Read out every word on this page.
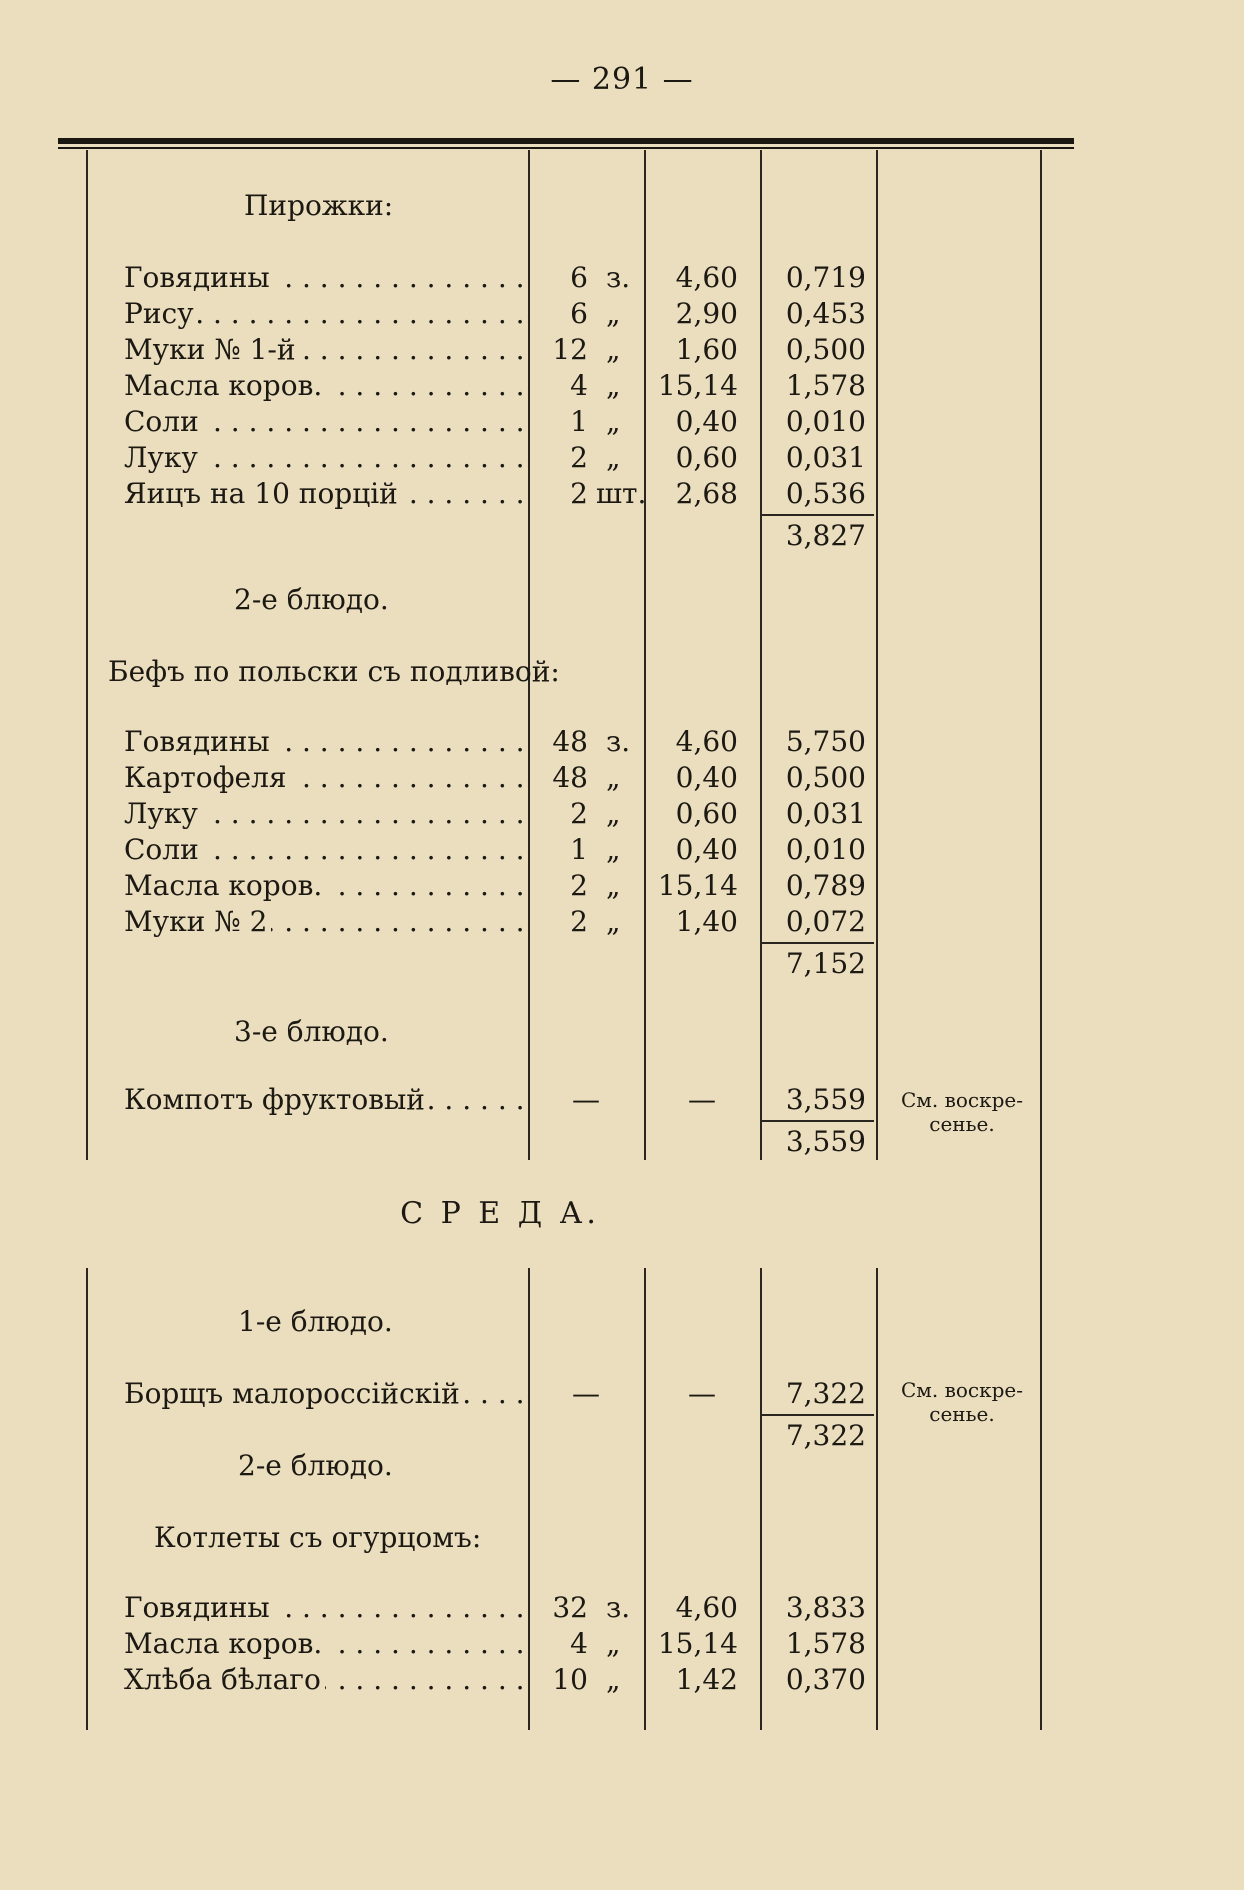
— 291 —
Пирожки:
Говядины . . .	6 з.	4,60	0,719
Рису . . .	6 „	2,90	0,453
Муки № 1-й . . .	12 „	1,60	0,500
Масла коров. . . .	4 „	15,14	1,578
Соли . . .	1 „	0,40	0,010
Луку . . .	2 „	0,60	0,031
Яицъ на 10 порцій . . .	2 шт.	2,68	0,536
3,827
2-е блюдо.
Бефъ по польски съ подливой:
Говядины . . .	48 з.	4,60	5,750
Картофеля . . .	48 „	0,40	0,500
Луку . . .	2 „	0,60	0,031
Соли . . .	1 „	0,40	0,010
Масла коров. . . .	2 „	15,14	0,789
Муки № 2 . . .	2 „	1,40	0,072
7,152
3-е блюдо.
Компотъ фруктовый . . .	—	—	3,559	См. воскре-сенье.
3,559
С Р Е Д А.
1-е блюдо.
Борщъ малороссійскій . . .	—	—	7,322	См. воскре-сенье.
7,322
2-е блюдо.
Котлеты съ огурцомъ:
Говядины . . .	32 з.	4,60	3,833
Масла коров. . . .	4 „	15,14	1,578
Хлѣба бѣлаго . . .	10 „	1,42	0,370
